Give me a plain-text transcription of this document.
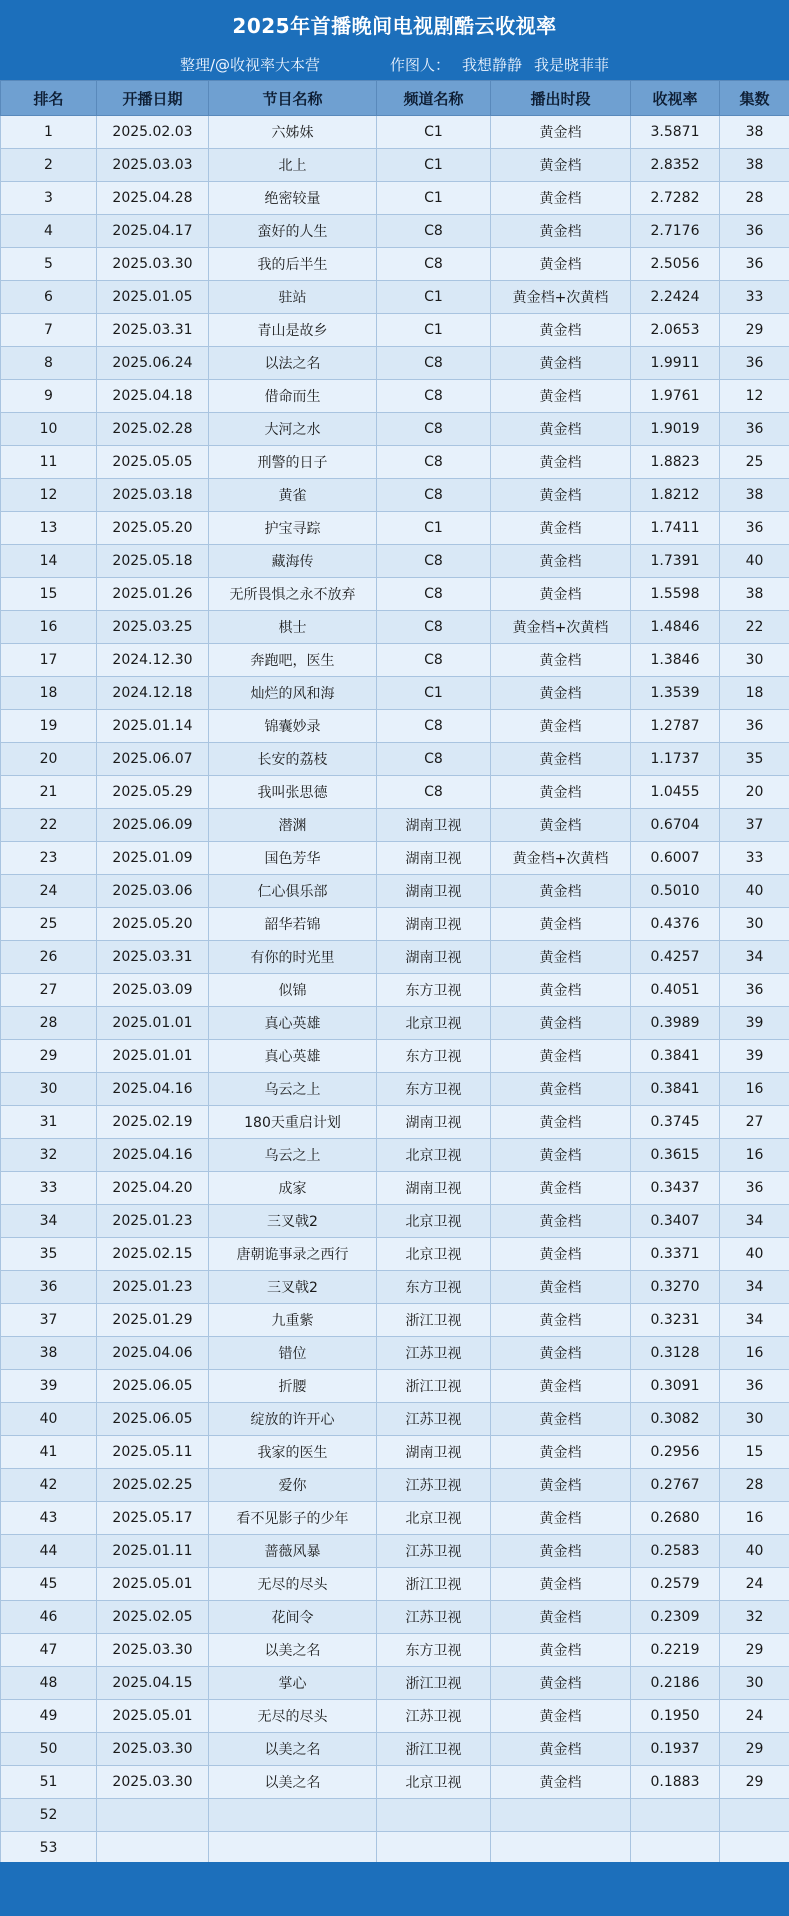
2025年首播晚间电视剧酷云收视率
整理/@收视率大本营	作图人： 我想静静 我是晓菲菲
排名	开播日期	节目名称	频道名称	播出时段	收视率	集数
1	2025.02.03	六姊妹	C1	黄金档	3.5871	38
2	2025.03.03	北上	C1	黄金档	2.8352	38
3	2025.04.28	绝密较量	C1	黄金档	2.7282	28
4	2025.04.17	蛮好的人生	C8	黄金档	2.7176	36
5	2025.03.30	我的后半生	C8	黄金档	2.5056	36
6	2025.01.05	驻站	C1	黄金档+次黄档	2.2424	33
7	2025.03.31	青山是故乡	C1	黄金档	2.0653	29
8	2025.06.24	以法之名	C8	黄金档	1.9911	36
9	2025.04.18	借命而生	C8	黄金档	1.9761	12
10	2025.02.28	大河之水	C8	黄金档	1.9019	36
11	2025.05.05	刑警的日子	C8	黄金档	1.8823	25
12	2025.03.18	黄雀	C8	黄金档	1.8212	38
13	2025.05.20	护宝寻踪	C1	黄金档	1.7411	36
14	2025.05.18	藏海传	C8	黄金档	1.7391	40
15	2025.01.26	无所畏惧之永不放弃	C8	黄金档	1.5598	38
16	2025.03.25	棋士	C8	黄金档+次黄档	1.4846	22
17	2024.12.30	奔跑吧，医生	C8	黄金档	1.3846	30
18	2024.12.18	灿烂的风和海	C1	黄金档	1.3539	18
19	2025.01.14	锦囊妙录	C8	黄金档	1.2787	36
20	2025.06.07	长安的荔枝	C8	黄金档	1.1737	35
21	2025.05.29	我叫张思德	C8	黄金档	1.0455	20
22	2025.06.09	潜渊	湖南卫视	黄金档	0.6704	37
23	2025.01.09	国色芳华	湖南卫视	黄金档+次黄档	0.6007	33
24	2025.03.06	仁心俱乐部	湖南卫视	黄金档	0.5010	40
25	2025.05.20	韶华若锦	湖南卫视	黄金档	0.4376	30
26	2025.03.31	有你的时光里	湖南卫视	黄金档	0.4257	34
27	2025.03.09	似锦	东方卫视	黄金档	0.4051	36
28	2025.01.01	真心英雄	北京卫视	黄金档	0.3989	39
29	2025.01.01	真心英雄	东方卫视	黄金档	0.3841	39
30	2025.04.16	乌云之上	东方卫视	黄金档	0.3841	16
31	2025.02.19	180天重启计划	湖南卫视	黄金档	0.3745	27
32	2025.04.16	乌云之上	北京卫视	黄金档	0.3615	16
33	2025.04.20	成家	湖南卫视	黄金档	0.3437	36
34	2025.01.23	三叉戟2	北京卫视	黄金档	0.3407	34
35	2025.02.15	唐朝诡事录之西行	北京卫视	黄金档	0.3371	40
36	2025.01.23	三叉戟2	东方卫视	黄金档	0.3270	34
37	2025.01.29	九重紫	浙江卫视	黄金档	0.3231	34
38	2025.04.06	错位	江苏卫视	黄金档	0.3128	16
39	2025.06.05	折腰	浙江卫视	黄金档	0.3091	36
40	2025.06.05	绽放的许开心	江苏卫视	黄金档	0.3082	30
41	2025.05.11	我家的医生	湖南卫视	黄金档	0.2956	15
42	2025.02.25	爱你	江苏卫视	黄金档	0.2767	28
43	2025.05.17	看不见影子的少年	北京卫视	黄金档	0.2680	16
44	2025.01.11	蔷薇风暴	江苏卫视	黄金档	0.2583	40
45	2025.05.01	无尽的尽头	浙江卫视	黄金档	0.2579	24
46	2025.02.05	花间令	江苏卫视	黄金档	0.2309	32
47	2025.03.30	以美之名	东方卫视	黄金档	0.2219	29
48	2025.04.15	掌心	浙江卫视	黄金档	0.2186	30
49	2025.05.01	无尽的尽头	江苏卫视	黄金档	0.1950	24
50	2025.03.30	以美之名	浙江卫视	黄金档	0.1937	29
51	2025.03.30	以美之名	北京卫视	黄金档	0.1883	29
52						
53						
